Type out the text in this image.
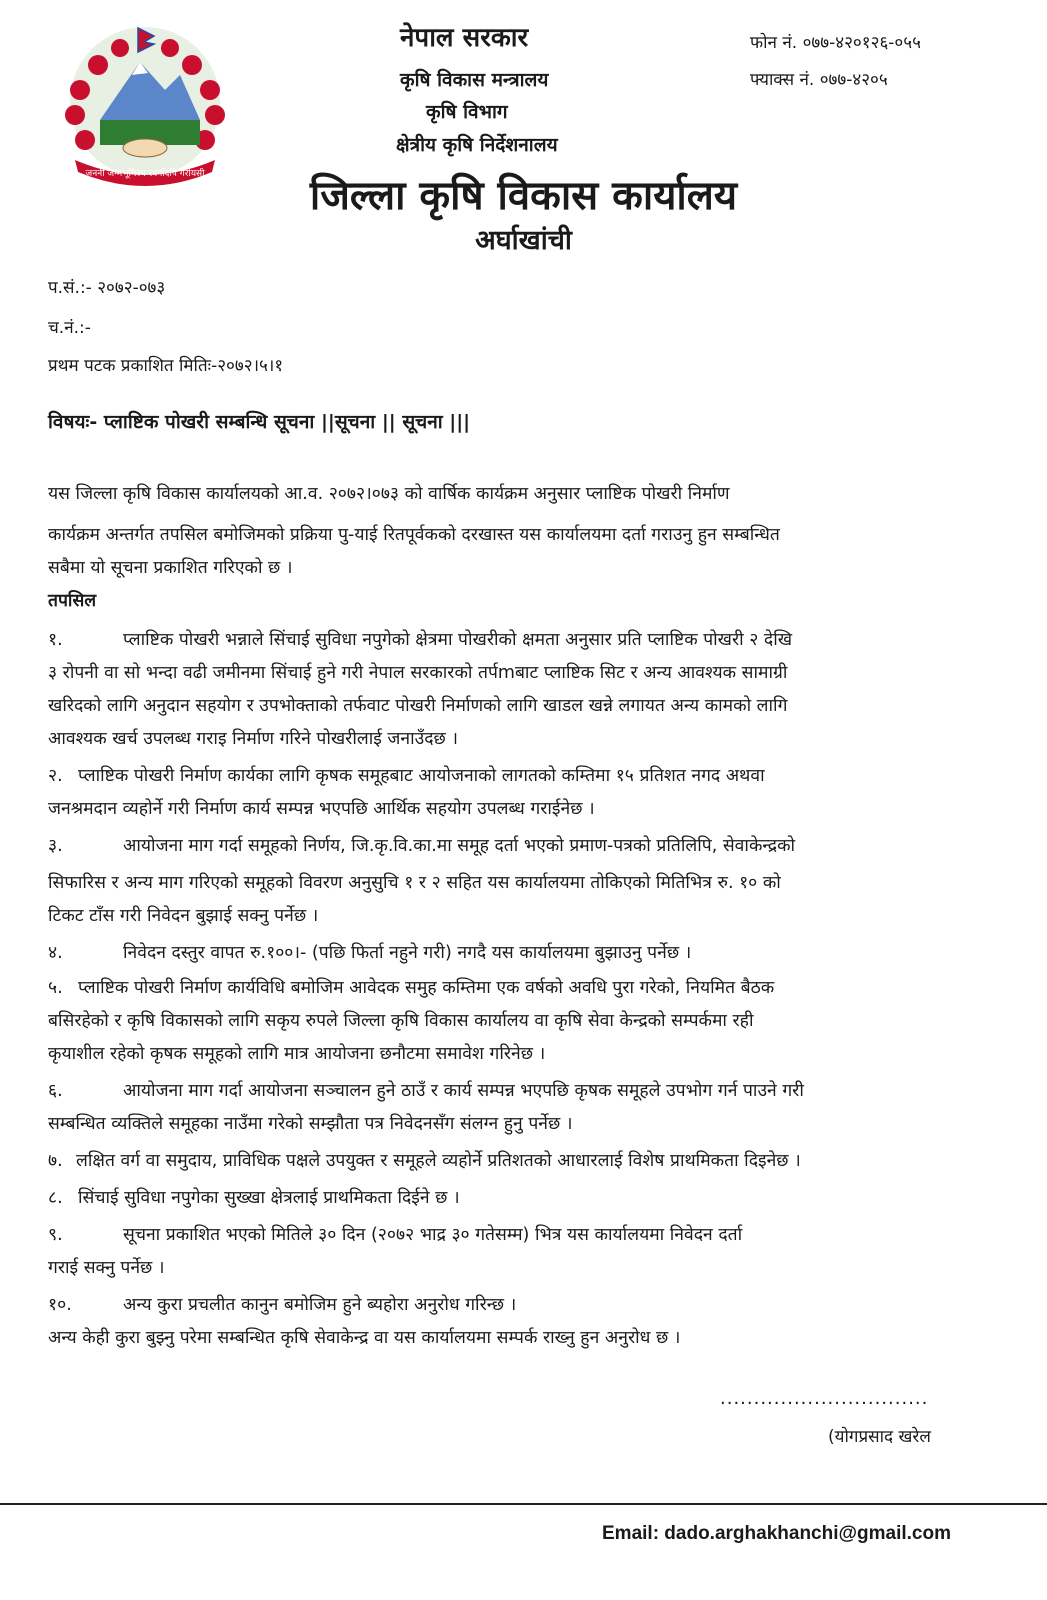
जननी जन्मभूमिश्च स्वर्गादपि गरीयसी
नेपाल सरकार
कृषि विकास मन्त्रालय
कृषि विभाग
क्षेत्रीय कृषि निर्देशनालय
जिल्ला कृषि विकास कार्यालय
अर्घाखांची
फोन नं. ०७७-४२०१२६-०५५
फ्याक्स नं. ०७७-४२०५
प.सं.:- २०७२-०७३
च.नं.:-
प्रथम पटक प्रकाशित मितिः-२०७२।५।१
विषयः- प्लाष्टिक पोखरी सम्बन्धि सूचना ||सूचना || सूचना |||
यस जिल्ला कृषि विकास कार्यालयको आ.व. २०७२।०७३ को वार्षिक कार्यक्रम अनुसार प्लाष्टिक पोखरी निर्माण
कार्यक्रम अन्तर्गत तपसिल बमोजिमको प्रक्रिया पु-याई रितपूर्वकको दरखास्त यस कार्यालयमा दर्ता गराउनु हुन सम्बन्धित
सबैमा यो सूचना प्रकाशित गरिएको छ ।
तपसिल
१.	प्लाष्टिक पोखरी भन्नाले सिंचाई सुविधा नपुगेको क्षेत्रमा पोखरीको क्षमता अनुसार प्रति प्लाष्टिक पोखरी २ देखि
३ रोपनी वा सो भन्दा वढी जमीनमा सिंचाई हुने गरी नेपाल सरकारको तर्पmबाट प्लाष्टिक सिट र अन्य आवश्यक सामाग्री
खरिदको लागि अनुदान सहयोग र उपभोक्ताको तर्फवाट पोखरी निर्माणको लागि खाडल खन्ने लगायत अन्य कामको लागि
आवश्यक खर्च उपलब्ध गराइ निर्माण गरिने पोखरीलाई जनाउँदछ ।
२. प्लाष्टिक पोखरी निर्माण कार्यका लागि कृषक समूहबाट आयोजनाको लागतको कम्तिमा १५ प्रतिशत नगद अथवा
जनश्रमदान व्यहोर्ने गरी निर्माण कार्य सम्पन्न भएपछि आर्थिक सहयोग उपलब्ध गराईनेछ ।
३.	आयोजना माग गर्दा समूहको निर्णय, जि.कृ.वि.का.मा समूह दर्ता भएको प्रमाण-पत्रको प्रतिलिपि, सेवाकेन्द्रको
सिफारिस र अन्य माग गरिएको समूहको विवरण अनुसुचि १ र २ सहित यस कार्यालयमा तोकिएको मितिभित्र रु. १० को
टिकट टाँस गरी निवेदन बुझाई सक्नु पर्नेछ ।
४.	निवेदन दस्तुर वापत रु.१००।- (पछि फिर्ता नहुने गरी) नगदै यस कार्यालयमा बुझाउनु पर्नेछ ।
५. प्लाष्टिक पोखरी निर्माण कार्यविधि बमोजिम आवेदक समुह कम्तिमा एक वर्षको अवधि पुरा गरेको, नियमित बैठक
बसिरहेको र कृषि विकासको लागि सकृय रुपले जिल्ला कृषि विकास कार्यालय वा कृषि सेवा केन्द्रको सम्पर्कमा रही
कृयाशील रहेको कृषक समूहको लागि मात्र आयोजना छनौटमा समावेश गरिनेछ ।
६.	आयोजना माग गर्दा आयोजना सञ्चालन हुने ठाउँ र कार्य सम्पन्न भएपछि कृषक समूहले उपभोग गर्न पाउने गरी
सम्बन्धित व्यक्तिले समूहका नाउँमा गरेको सम्झौता पत्र निवेदनसँग संलग्न हुनु पर्नेछ ।
७. लक्षित वर्ग वा समुदाय, प्राविधिक पक्षले उपयुक्त र समूहले व्यहोर्ने प्रतिशतको आधारलाई विशेष प्राथमिकता दिइनेछ ।
८. सिंचाई सुविधा नपुगेका सुख्खा क्षेत्रलाई प्राथमिकता दिईने छ ।
९.	सूचना प्रकाशित भएको मितिले ३० दिन (२०७२ भाद्र ३० गतेसम्म) भित्र यस कार्यालयमा निवेदन दर्ता
गराई सक्नु पर्नेछ ।
१०.	अन्य कुरा प्रचलीत कानुन बमोजिम हुने ब्यहोरा अनुरोध गरिन्छ ।
अन्य केही कुरा बुझ्नु परेमा सम्बन्धित कृषि सेवाकेन्द्र वा यस कार्यालयमा सम्पर्क राख्नु हुन अनुरोध छ ।
...............................
(योगप्रसाद खरेल
Email: dado.arghakhanchi@gmail.com
